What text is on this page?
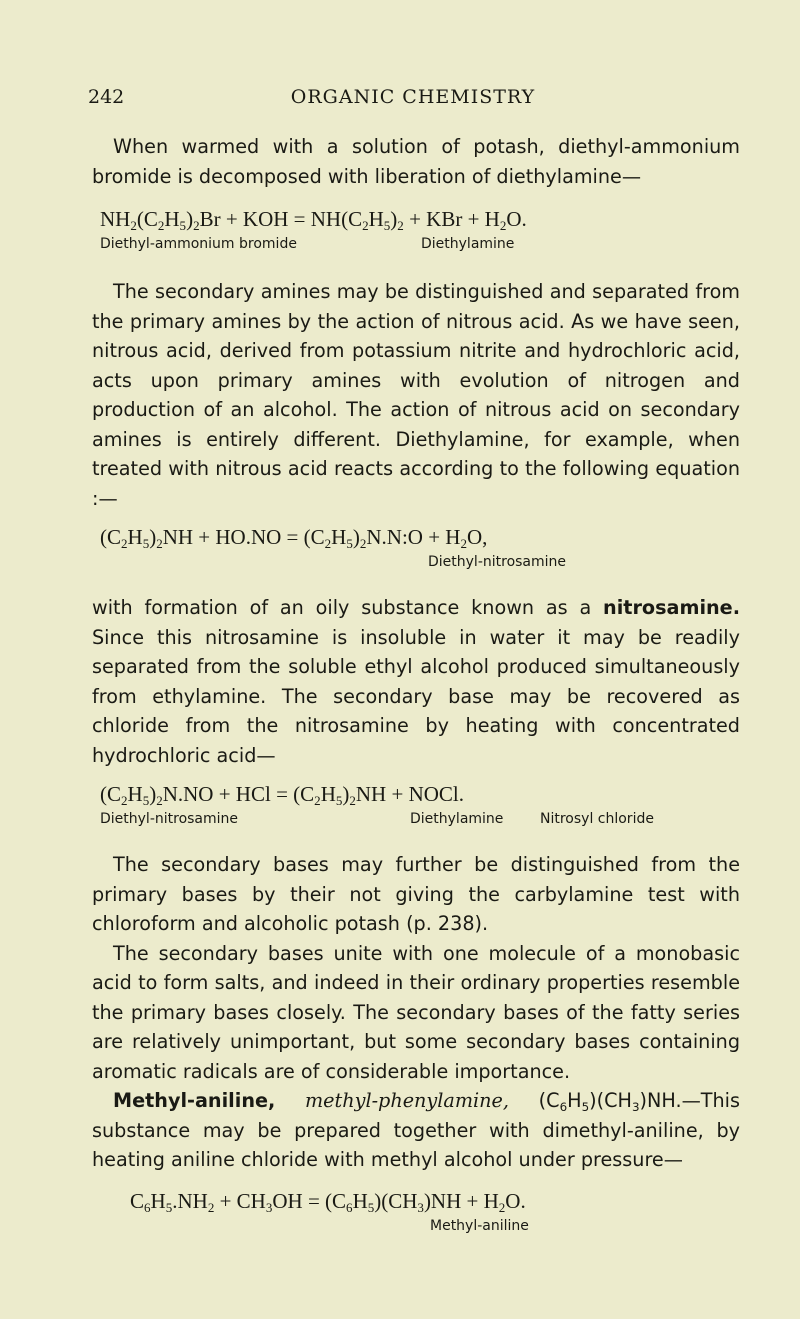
242	ORGANIC CHEMISTRY

When warmed with a solution of potash, diethyl-ammonium bromide is decomposed with liberation of diethylamine—

$NH_2(C_2H_5)_2Br$ + KOH = $NH(C_2H_5)_2$ + KBr + $H_2O$.
Diethyl-ammonium bromide	Diethylamine

The secondary amines may be distinguished and separated from the primary amines by the action of nitrous acid. As we have seen, nitrous acid, derived from potassium nitrite and hydrochloric acid, acts upon primary amines with evolution of nitrogen and production of an alcohol. The action of nitrous acid on secondary amines is entirely different. Diethylamine, for example, when treated with nitrous acid reacts according to the following equation :—

$(C_2H_5)_2NH + HO.NO$ = $(C_2H_5)_2N.N:O + H_2O$,
Diethyl-nitrosamine

with formation of an oily substance known as a nitrosamine. Since this nitrosamine is insoluble in water it may be readily separated from the soluble ethyl alcohol produced simultaneously from ethylamine. The secondary base may be recovered as chloride from the nitrosamine by heating with concentrated hydrochloric acid—

$(C_2H_5)_2N.NO$ + HCl = $(C_2H_5)_2NH$ + NOCl.
Diethyl-nitrosamine	Diethylamine	Nitrosyl chloride

The secondary bases may further be distinguished from the primary bases by their not giving the carbylamine test with chloroform and alcoholic potash (p. 238).

The secondary bases unite with one molecule of a monobasic acid to form salts, and indeed in their ordinary properties resemble the primary bases closely. The secondary bases of the fatty series are relatively unimportant, but some secondary bases containing aromatic radicals are of considerable importance.

Methyl-aniline, methyl-phenylamine, $(C_6H_5)(CH_3)NH.—This$ substance may be prepared together with dimethyl-aniline, by heating aniline chloride with methyl alcohol under pressure—

$C_6H_5.NH_2 + CH_3OH = (C_6H_5)(CH_3)NH + H_2O$.
Methyl-aniline
